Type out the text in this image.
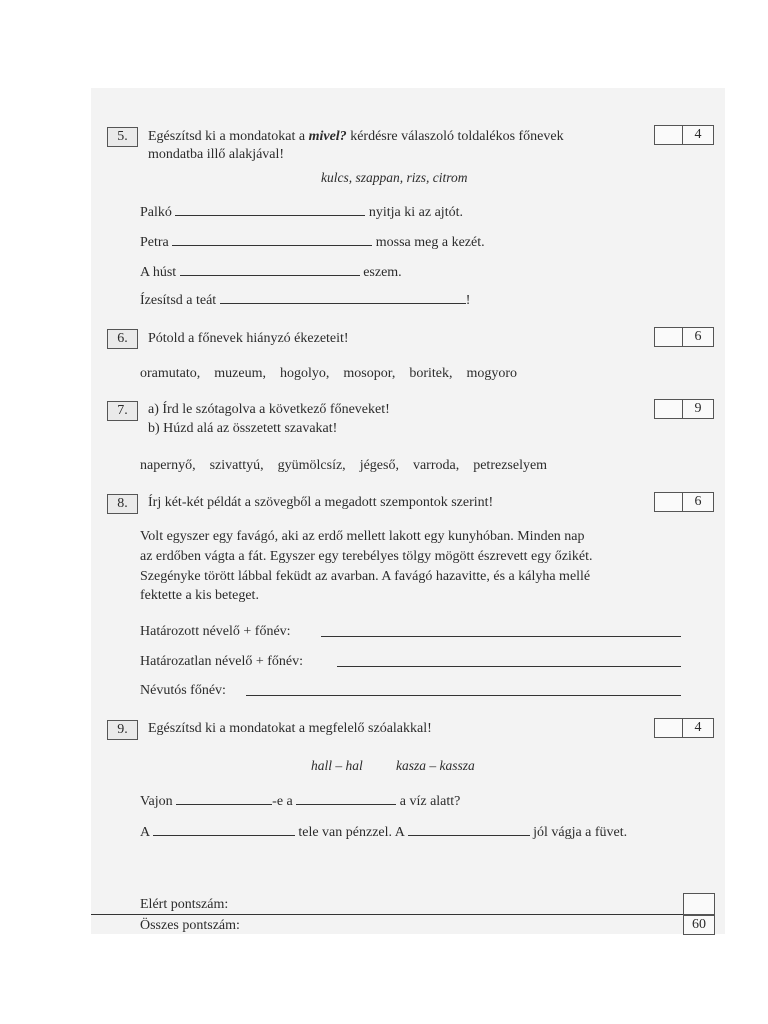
5.	Egészítsd ki a mondatokat a mivel? kérdésre válaszoló toldalékos főnevek
mondatba illő alakjával!
4
kulcs, szappan, rizs, citrom
Palkó	nyitja ki az ajtót.
Petra	mossa meg a kezét.
A húst	eszem.
Ízesítsd a teát	!
6.	Pótold a főnevek hiányzó ékezeteit!	6
oramutato, muzeum, hogolyo, mosopor, boritek, mogyoro
7.	a) Írd le szótagolva a következő főneveket!
b) Húzd alá az összetett szavakat!
9
napernyő, szivattyú, gyümölcsíz, jégeső, varroda, petrezselyem
8.	Írj két-két példát a szövegből a megadott szempontok szerint!	6
Volt egyszer egy favágó, aki az erdő mellett lakott egy kunyhóban. Minden nap
az erdőben vágta a fát. Egyszer egy terebélyes tölgy mögött észrevett egy őzikét.
Szegényke törött lábbal feküdt az avarban. A favágó hazavitte, és a kályha mellé
fektette a kis beteget.
Határozott névelő + főnév:
Határozatlan névelő + főnév:
Névutós főnév:
9.	Egészítsd ki a mondatokat a megfelelő szóalakkal!	4
hall – hal kasza – kassza
Vajon	-e a	a víz alatt?
A	tele van pénzzel. A	jól vágja a füvet.
Elért pontszám:
Összes pontszám:	60
